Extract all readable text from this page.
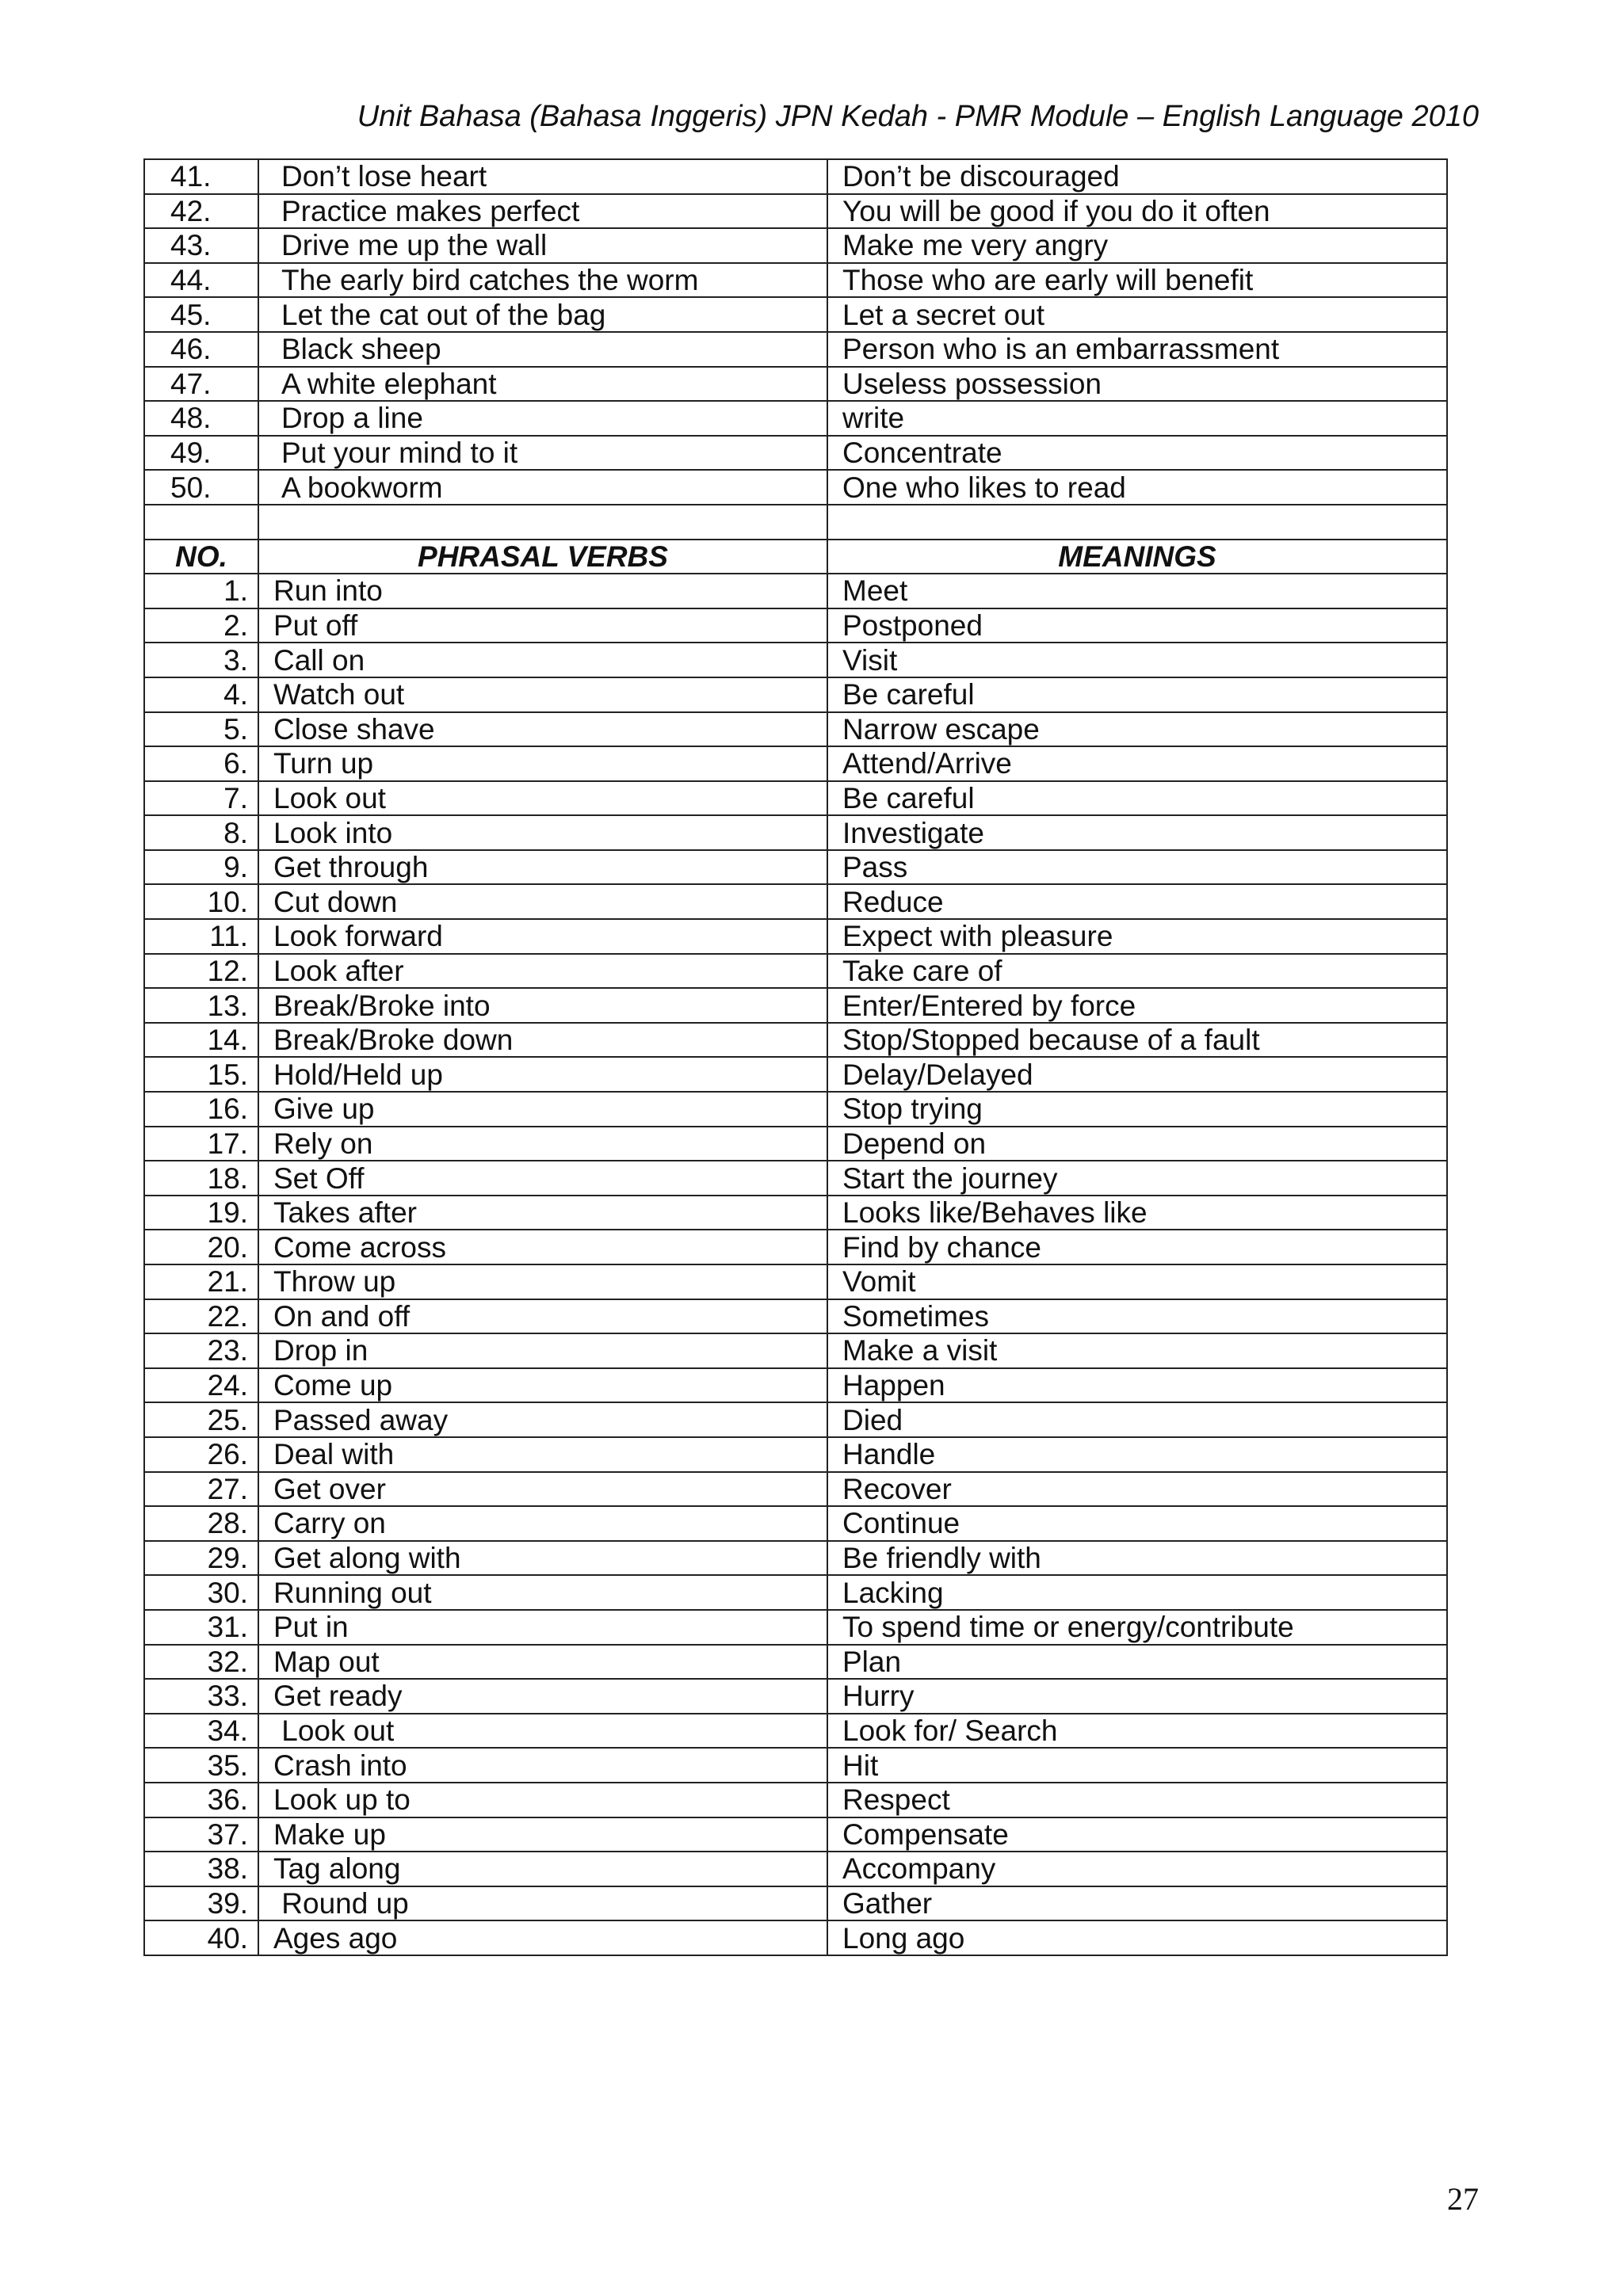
Unit Bahasa (Bahasa Inggeris) JPN Kedah - PMR Module – English Language 2010
41.	Don’t lose heart	Don’t be discouraged
42.	Practice makes perfect	You will be good if you do it often
43.	Drive me up the wall	Make me very angry
44.	The early bird catches the worm	Those who are early will benefit
45.	Let the cat out of the bag	Let a secret out
46.	Black sheep	Person who is an embarrassment
47.	A white elephant	Useless possession
48.	Drop a line	write
49.	Put your mind to it	Concentrate
50.	A bookworm	One who likes to read

NO.	PHRASAL VERBS	MEANINGS
1.	Run into	Meet
2.	Put off	Postponed
3.	Call on	Visit
4.	Watch out	Be careful
5.	Close shave	Narrow escape
6.	Turn up	Attend/Arrive
7.	Look out	Be careful
8.	Look into	Investigate
9.	Get through	Pass
10.	Cut down	Reduce
11.	Look forward	Expect with pleasure
12.	Look after	Take care of
13.	Break/Broke into	Enter/Entered by force
14.	Break/Broke down	Stop/Stopped because of a fault
15.	Hold/Held up	Delay/Delayed
16.	Give up	Stop trying
17.	Rely on	Depend on
18.	Set Off	Start the journey
19.	Takes after	Looks like/Behaves like
20.	Come across	Find by chance
21.	Throw up	Vomit
22.	On and off	Sometimes
23.	Drop in	Make a visit
24.	Come up	Happen
25.	Passed away	Died
26.	Deal with	Handle
27.	Get over	Recover
28.	Carry on	Continue
29.	Get along with	Be friendly with
30.	Running out	Lacking
31.	Put in	To spend time or energy/contribute
32.	Map out	Plan
33.	Get ready	Hurry
34.	Look out	Look for/ Search
35.	Crash into	Hit
36.	Look up to	Respect
37.	Make up	Compensate
38.	Tag along	Accompany
39.	Round up	Gather
40.	Ages ago	Long ago
27
